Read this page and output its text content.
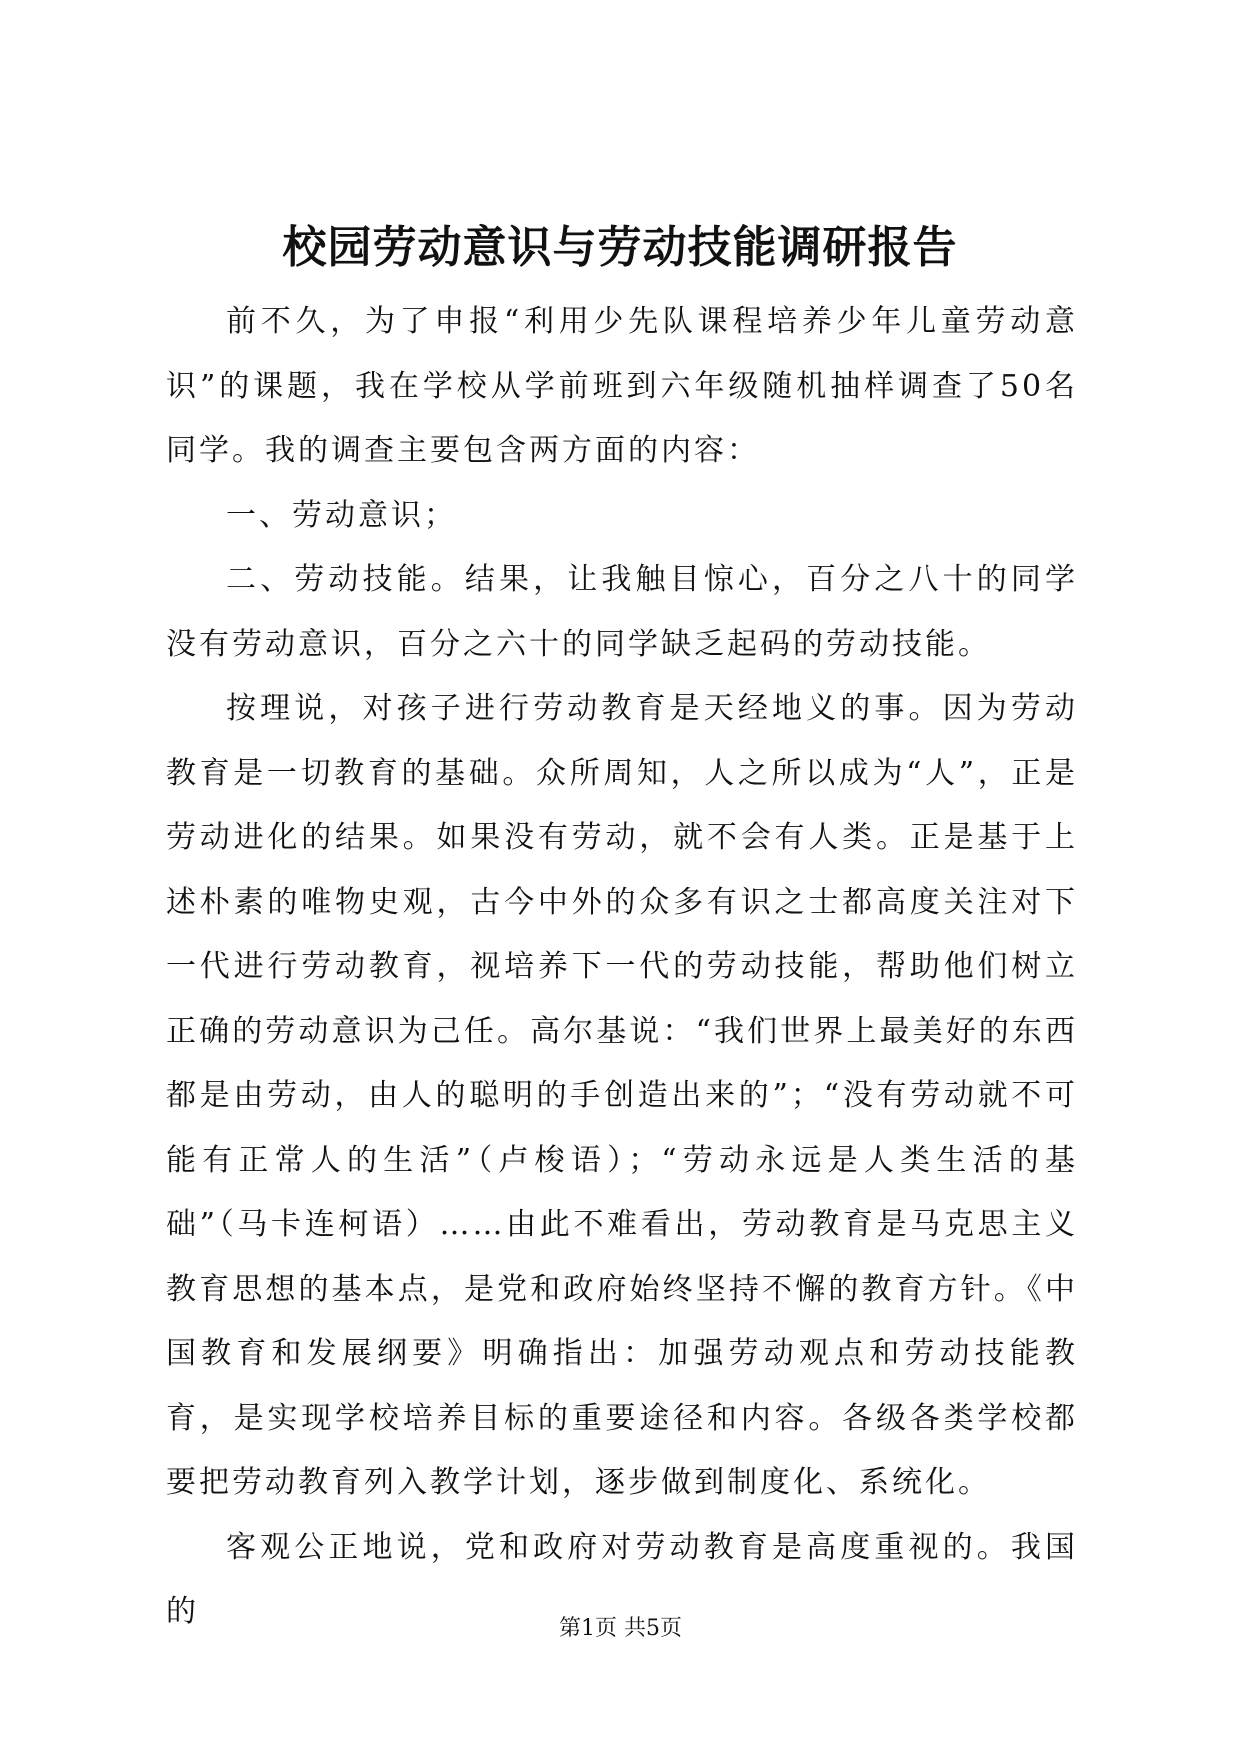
校园劳动意识与劳动技能调研报告

前不久，为了申报“利用少先队课程培养少年儿童劳动意识”的课题，我在学校从学前班到六年级随机抽样调查了50名同学。我的调查主要包含两方面的内容：

一、劳动意识；

二、劳动技能。结果，让我触目惊心，百分之八十的同学没有劳动意识，百分之六十的同学缺乏起码的劳动技能。

按理说，对孩子进行劳动教育是天经地义的事。因为劳动教育是一切教育的基础。众所周知，人之所以成为“人”，正是劳动进化的结果。如果没有劳动，就不会有人类。正是基于上述朴素的唯物史观，古今中外的众多有识之士都高度关注对下一代进行劳动教育，视培养下一代的劳动技能，帮助他们树立正确的劳动意识为己任。高尔基说：“我们世界上最美好的东西都是由劳动，由人的聪明的手创造出来的”；“没有劳动就不可能有正常人的生活”（卢梭语）；“劳动永远是人类生活的基础”（马卡连柯语）……由此不难看出，劳动教育是马克思主义教育思想的基本点，是党和政府始终坚持不懈的教育方针。《中国教育和发展纲要》明确指出：加强劳动观点和劳动技能教育，是实现学校培养目标的重要途径和内容。各级各类学校都要把劳动教育列入教学计划，逐步做到制度化、系统化。

客观公正地说，党和政府对劳动教育是高度重视的。我国的	第1页 共5页
